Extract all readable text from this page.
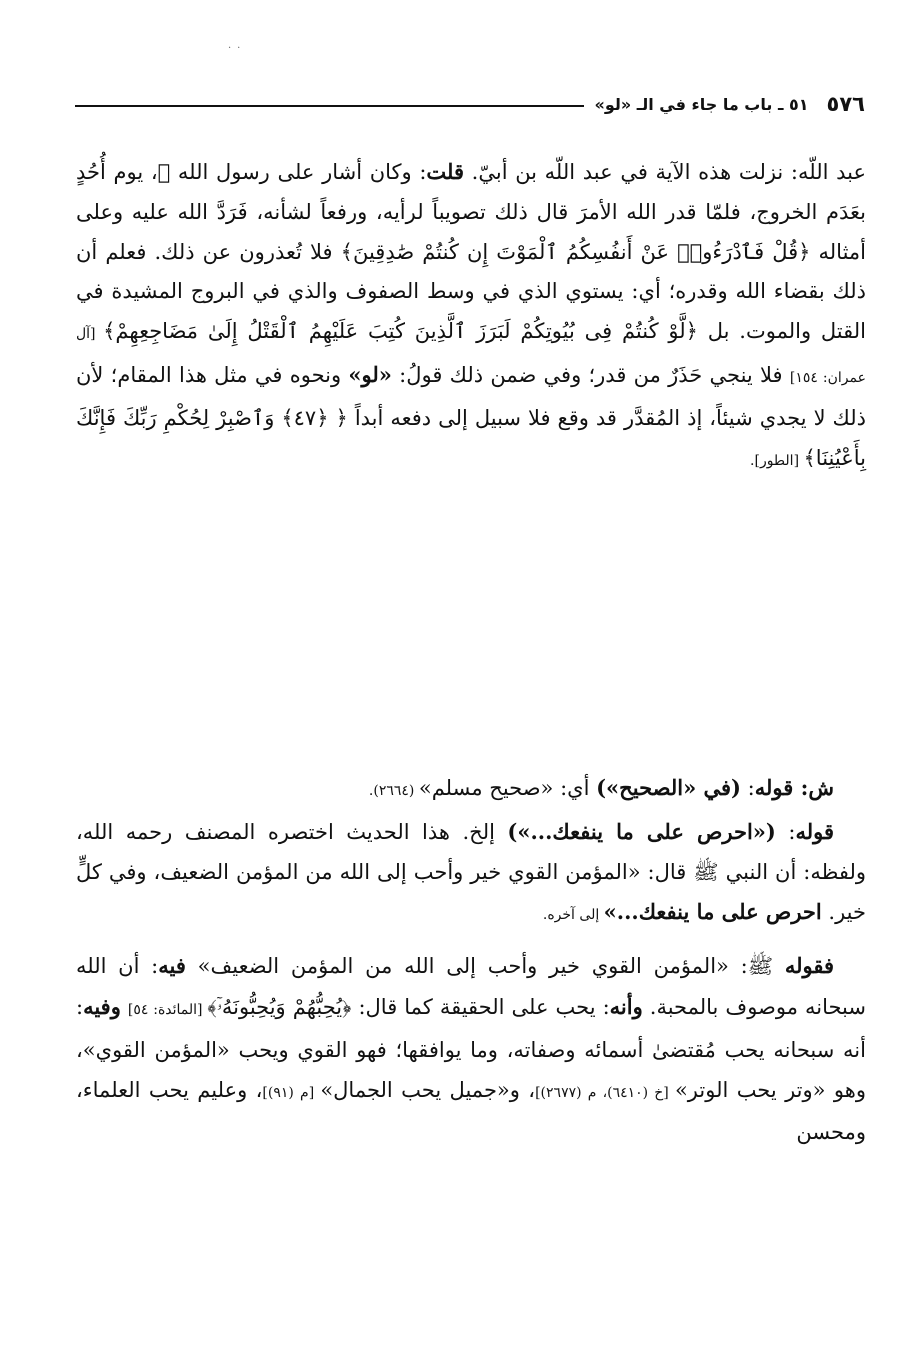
..
٥٧٦
٥١ ـ باب ما جاء في الـ «لو»

عبد اللّه: نزلت هذه الآية في عبد اللّه بن أبيّ. قلت: وكان أشار على رسول الله ﷺ، يوم أُحُدٍ بعَدَم الخروج، فلمّا قدر الله الأمرَ قال ذلك تصويباً لرأيه، ورفعاً لشأنه، فَرَدَّ الله عليه وعلى أمثاله ﴿قُلْ فَٱدْرَءُوا۟ عَنْ أَنفُسِكُمُ ٱلْمَوْتَ إِن كُنتُمْ صَٰدِقِينَ﴾ فلا تُعذرون عن ذلك. فعلم أن ذلك بقضاء الله وقدره؛ أي: يستوي الذي في وسط الصفوف والذي في البروج المشيدة في القتل والموت. بل ﴿لَّوْ كُنتُمْ فِى بُيُوتِكُمْ لَبَرَزَ ٱلَّذِينَ كُتِبَ عَلَيْهِمُ ٱلْقَتْلُ إِلَىٰ مَضَاجِعِهِمْ﴾ [آل عمران: ١٥٤] فلا ينجي حَذَرٌ من قدر؛ وفي ضمن ذلك قولُ: «لو» ونحوه في مثل هذا المقام؛ لأن ذلك لا يجدي شيئاً، إذ المُقدَّر قد وقع فلا سبيل إلى دفعه أبداً ﴿ ﴿٤٧﴾ وَٱصْبِرْ لِحُكْمِ رَبِّكَ فَإِنَّكَ بِأَعْيُنِنَا﴾ [الطور].

ش: قوله: (في «الصحيح») أي: «صحيح مسلم» (٢٦٦٤).

قوله: («احرص على ما ينفعك...») إلخ. هذا الحديث اختصره المصنف رحمه الله، ولفظه: أن النبي ﷺ قال: «المؤمن القوي خير وأحب إلى الله من المؤمن الضعيف، وفي كلٍّ خير. احرص على ما ينفعك...» إلى آخره.

فقوله ﷺ: «المؤمن القوي خير وأحب إلى الله من المؤمن الضعيف» فيه: أن الله سبحانه موصوف بالمحبة. وأنه: يحب على الحقيقة كما قال: ﴿يُحِبُّهُمْ وَيُحِبُّونَهُۥٓ﴾ [المائدة: ٥٤] وفيه: أنه سبحانه يحب مُقتضىٰ أسمائه وصفاته، وما يوافقها؛ فهو القوي ويحب «المؤمن القوي»، وهو «وتر يحب الوتر» [خ (٦٤١٠)، م (٢٦٧٧)]، و«جميل يحب الجمال» [م (٩١)]، وعليم يحب العلماء، ومحسن
